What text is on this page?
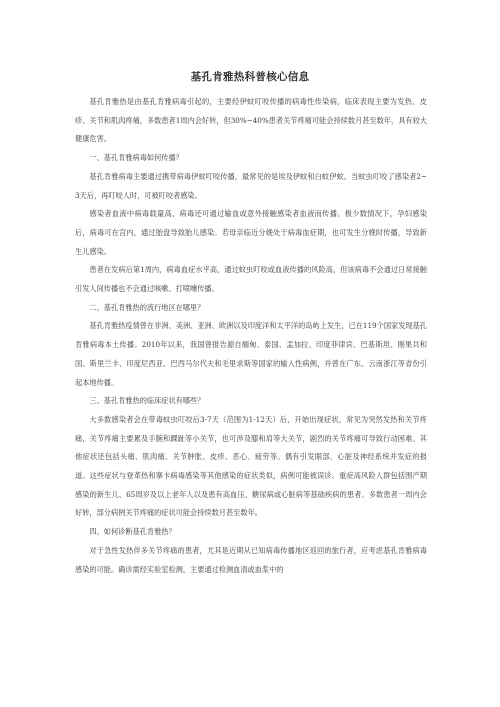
基孔肯雅热科普核心信息

基孔肯雅热是由基孔肯雅病毒引起的，主要经伊蚊叮咬传播的病毒性传染病，临床表现主要为发热、皮疹、关节和肌肉疼痛，多数患者1周内会好转，但30%~40%患者关节疼痛可能会持续数月甚至数年，具有较大健康危害。

一、基孔肯雅病毒如何传播？

基孔肯雅病毒主要通过携带病毒伊蚊叮咬传播，最常见的是埃及伊蚊和白蚊伊蚊。当蚊虫叮咬了感染者2~3天后，再叮咬人时，可被叮咬者感染。

感染者血液中病毒载量高，病毒还可通过输血或意外接触感染者血液而传播。极少数情况下，孕妇感染后，病毒可在宫内，通过胎盘导致胎儿感染。若母亲临近分娩处于病毒血症期，也可发生分娩时传播，导致新生儿感染。

患者在发病后第1周内，病毒血症水平高，通过蚊虫叮咬或血液传播的风险高，但该病毒不会通过日常接触引发人间传播也不会通过咳嗽、打喷嚏传播。

二、基孔肯雅热的流行地区在哪里？

基孔肯雅热疫情曾在非洲、美洲、亚洲、欧洲以及印度洋和太平洋的岛屿上发生，已在119个国家发现基孔肯雅病毒本土传播。2010年以来，我国曾报告源自缅甸、泰国、孟加拉、印度菲律宾、巴基斯坦、刚果共和国、斯里兰卡、印度尼西亚、巴西马尔代夫和毛里求斯等国家的输入性病例，并曾在广东、云南浙江等省份引起本地传播。

三、基孔肯雅热的临床症状有哪些？

大多数感染者会在带毒蚊虫叮咬后3-7天（范围为1-12天）后，开始出现症状，常见为突然发热和关节疼痛，关节疼痛主要累及手腕和踝趾等小关节，也可涉及膝和肩等大关节，剧烈的关节疼痛可导致行动困难。其他症状还包括头痛、肌肉痛、关节肿胀、皮疹、恶心、疲劳等。偶有引发眼部、心脏及神经系统并发症的报道。这些症状与登革热和寨卡病毒感染等其他感染的症状类似，病例可能被误诊。重症高风险人群包括围产期感染的新生儿、65周岁及以上老年人以及患有高血压、糖尿病或心脏病等基础疾病的患者。多数患者一周内会好转，部分病例关节疼痛的症状可能会持续数月甚至数年。

四、如何诊断基孔肯雅热？

对于急性发热伴多关节疼痛的患者，尤其是近期从已知病毒传播地区返回的旅行者，应考虑基孔肯雅病毒感染的可能。确诊需经实验室检测，主要通过检测血清或血浆中的
